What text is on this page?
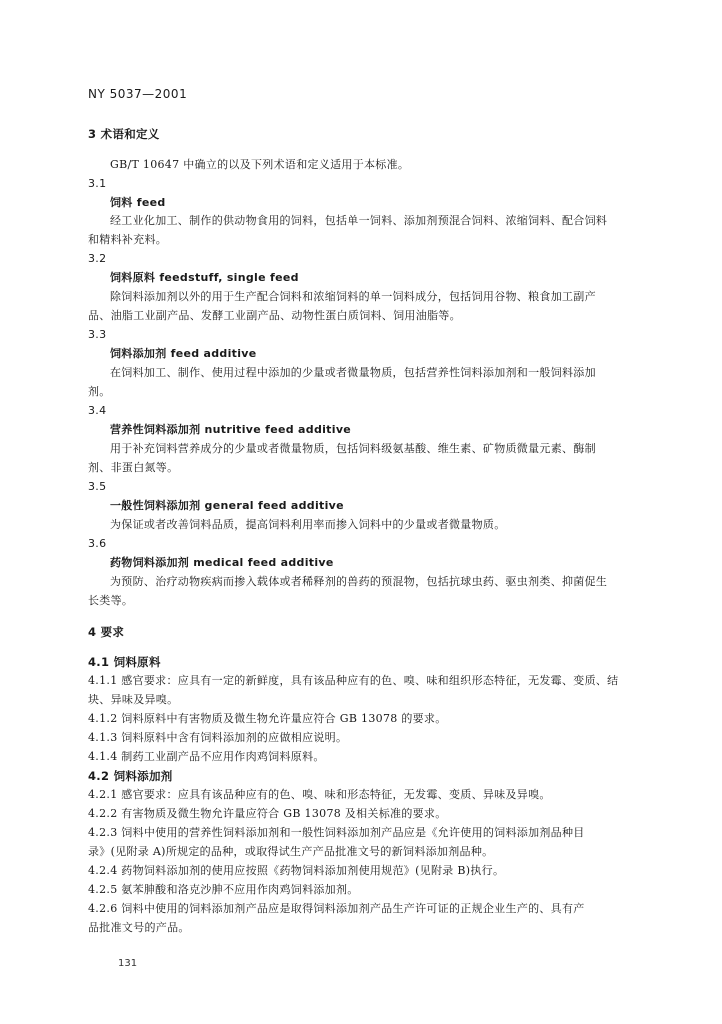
NY 5037—2001
3 术语和定义
GB/T 10647 中确立的以及下列术语和定义适用于本标准。
3.1
饲料 feed
经工业化加工、制作的供动物食用的饲料，包括单一饲料、添加剂预混合饲料、浓缩饲料、配合饲料
和精料补充料。
3.2
饲料原料 feedstuff, single feed
除饲料添加剂以外的用于生产配合饲料和浓缩饲料的单一饲料成分，包括饲用谷物、粮食加工副产
品、油脂工业副产品、发酵工业副产品、动物性蛋白质饲料、饲用油脂等。
3.3
饲料添加剂 feed additive
在饲料加工、制作、使用过程中添加的少量或者微量物质，包括营养性饲料添加剂和一般饲料添加
剂。
3.4
营养性饲料添加剂 nutritive feed additive
用于补充饲料营养成分的少量或者微量物质，包括饲料级氨基酸、维生素、矿物质微量元素、酶制
剂、非蛋白氮等。
3.5
一般性饲料添加剂 general feed additive
为保证或者改善饲料品质，提高饲料利用率而掺入饲料中的少量或者微量物质。
3.6
药物饲料添加剂 medical feed additive
为预防、治疗动物疾病而掺入载体或者稀释剂的兽药的预混物，包括抗球虫药、驱虫剂类、抑菌促生
长类等。
4 要求
4.1 饲料原料
4.1.1 感官要求：应具有一定的新鲜度，具有该品种应有的色、嗅、味和组织形态特征，无发霉、变质、结
块、异味及异嗅。
4.1.2 饲料原料中有害物质及微生物允许量应符合 GB 13078 的要求。
4.1.3 饲料原料中含有饲料添加剂的应做相应说明。
4.1.4 制药工业副产品不应用作肉鸡饲料原料。
4.2 饲料添加剂
4.2.1 感官要求：应具有该品种应有的色、嗅、味和形态特征，无发霉、变质、异味及异嗅。
4.2.2 有害物质及微生物允许量应符合 GB 13078 及相关标准的要求。
4.2.3 饲料中使用的营养性饲料添加剂和一般性饲料添加剂产品应是《允许使用的饲料添加剂品种目
录》(见附录 A)所规定的品种，或取得试生产产品批准文号的新饲料添加剂品种。
4.2.4 药物饲料添加剂的使用应按照《药物饲料添加剂使用规范》(见附录 B)执行。
4.2.5 氨苯胂酸和洛克沙胂不应用作肉鸡饲料添加剂。
4.2.6 饲料中使用的饲料添加剂产品应是取得饲料添加剂产品生产许可证的正规企业生产的、具有产
品批准文号的产品。
131
